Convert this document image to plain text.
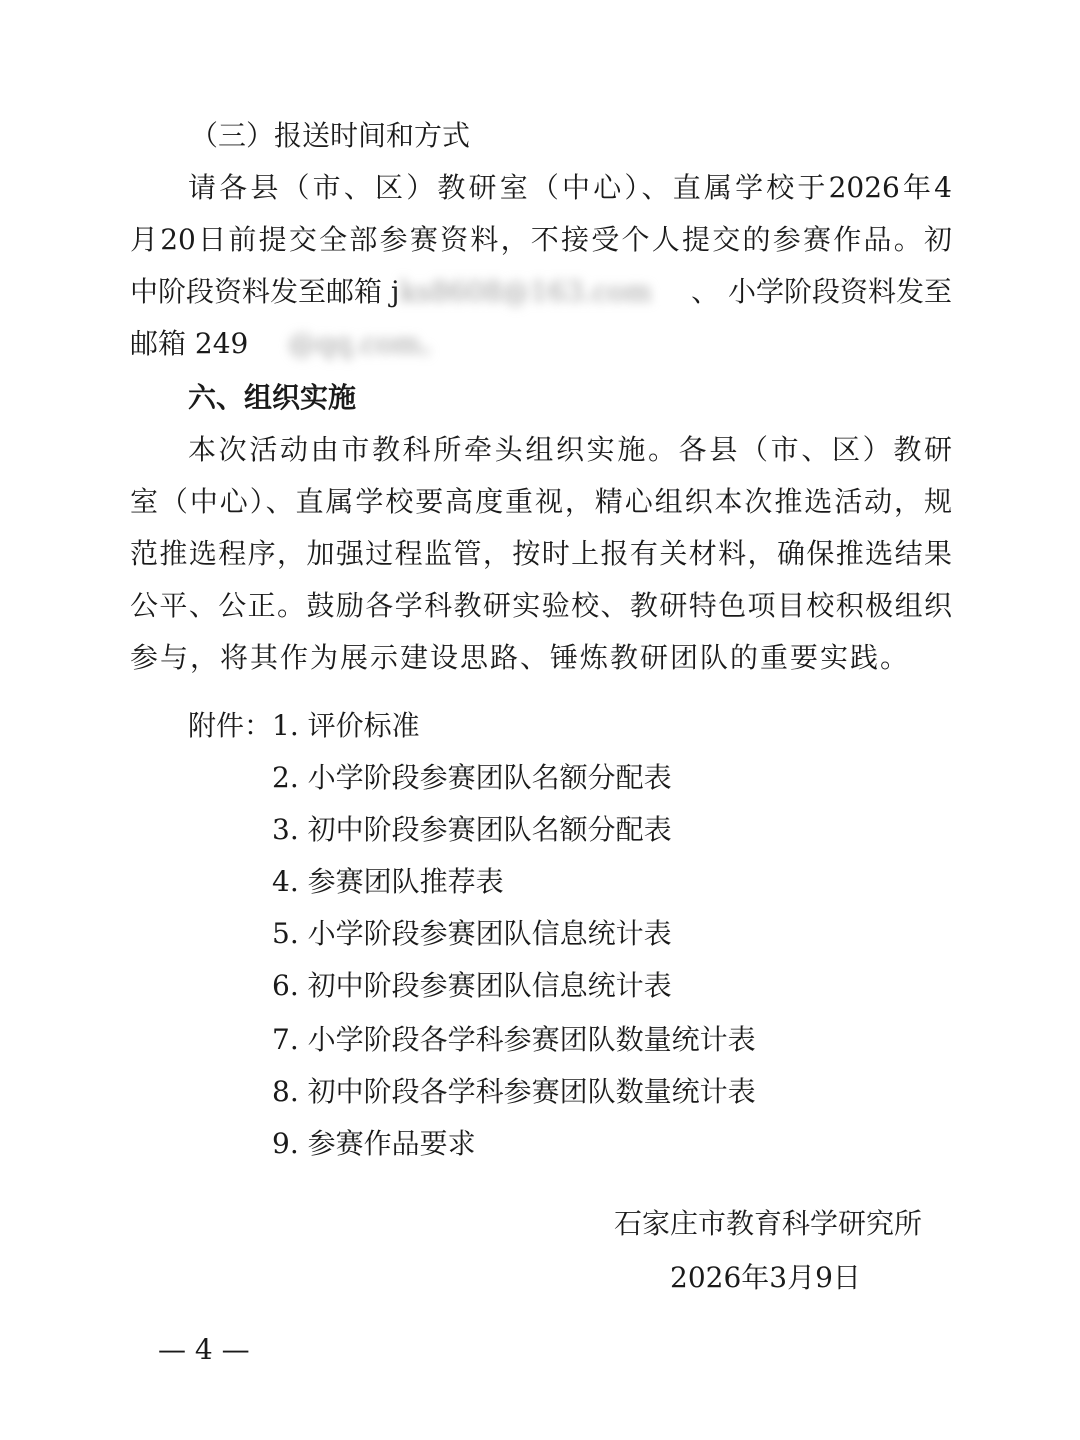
（三）报送时间和方式
请各县（市、区）教研室（中心）、直属学校于2026年4
月20日前提交全部参赛资料，不接受个人提交的参赛作品。初
中阶段资料发至邮箱 jks8608@163.com 、 小学阶段资料发至
邮箱 249 @qq.com。
六、组织实施
本次活动由市教科所牵头组织实施。各县（市、区）教研
室（中心）、直属学校要高度重视，精心组织本次推选活动，规
范推选程序，加强过程监管，按时上报有关材料，确保推选结果
公平、公正。鼓励各学科教研实验校、教研特色项目校积极组织
参与，将其作为展示建设思路、锤炼教研团队的重要实践。
附件： 1. 评价标准
2. 小学阶段参赛团队名额分配表
3. 初中阶段参赛团队名额分配表
4. 参赛团队推荐表
5. 小学阶段参赛团队信息统计表
6. 初中阶段参赛团队信息统计表
7. 小学阶段各学科参赛团队数量统计表
8. 初中阶段各学科参赛团队数量统计表
9. 参赛作品要求
石家庄市教育科学研究所
2026年3月9日
— 4 —
